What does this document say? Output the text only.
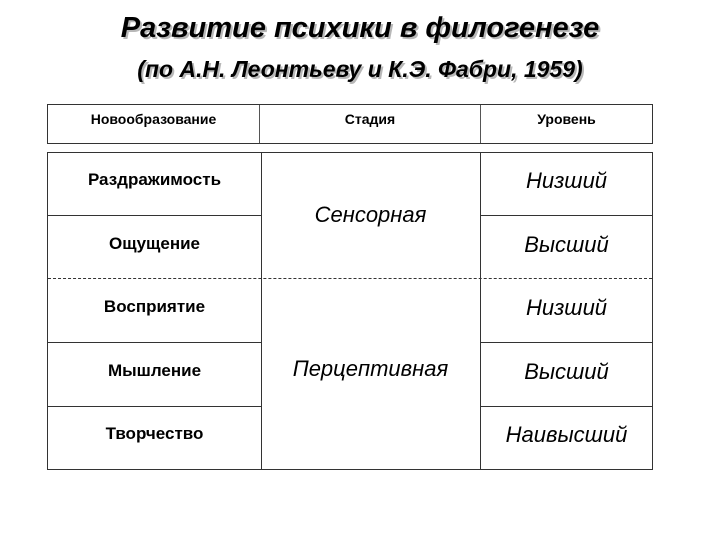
Развитие психики в филогенезе
(по А.Н. Леонтьеву и К.Э. Фабри, 1959)
Новообразование	Стадия	Уровень
Раздражимость
Ощущение
Восприятие
Мышление
Творчество
Сенсорная
Перцептивная
Низший
Высший
Низший
Высший
Наивысший
